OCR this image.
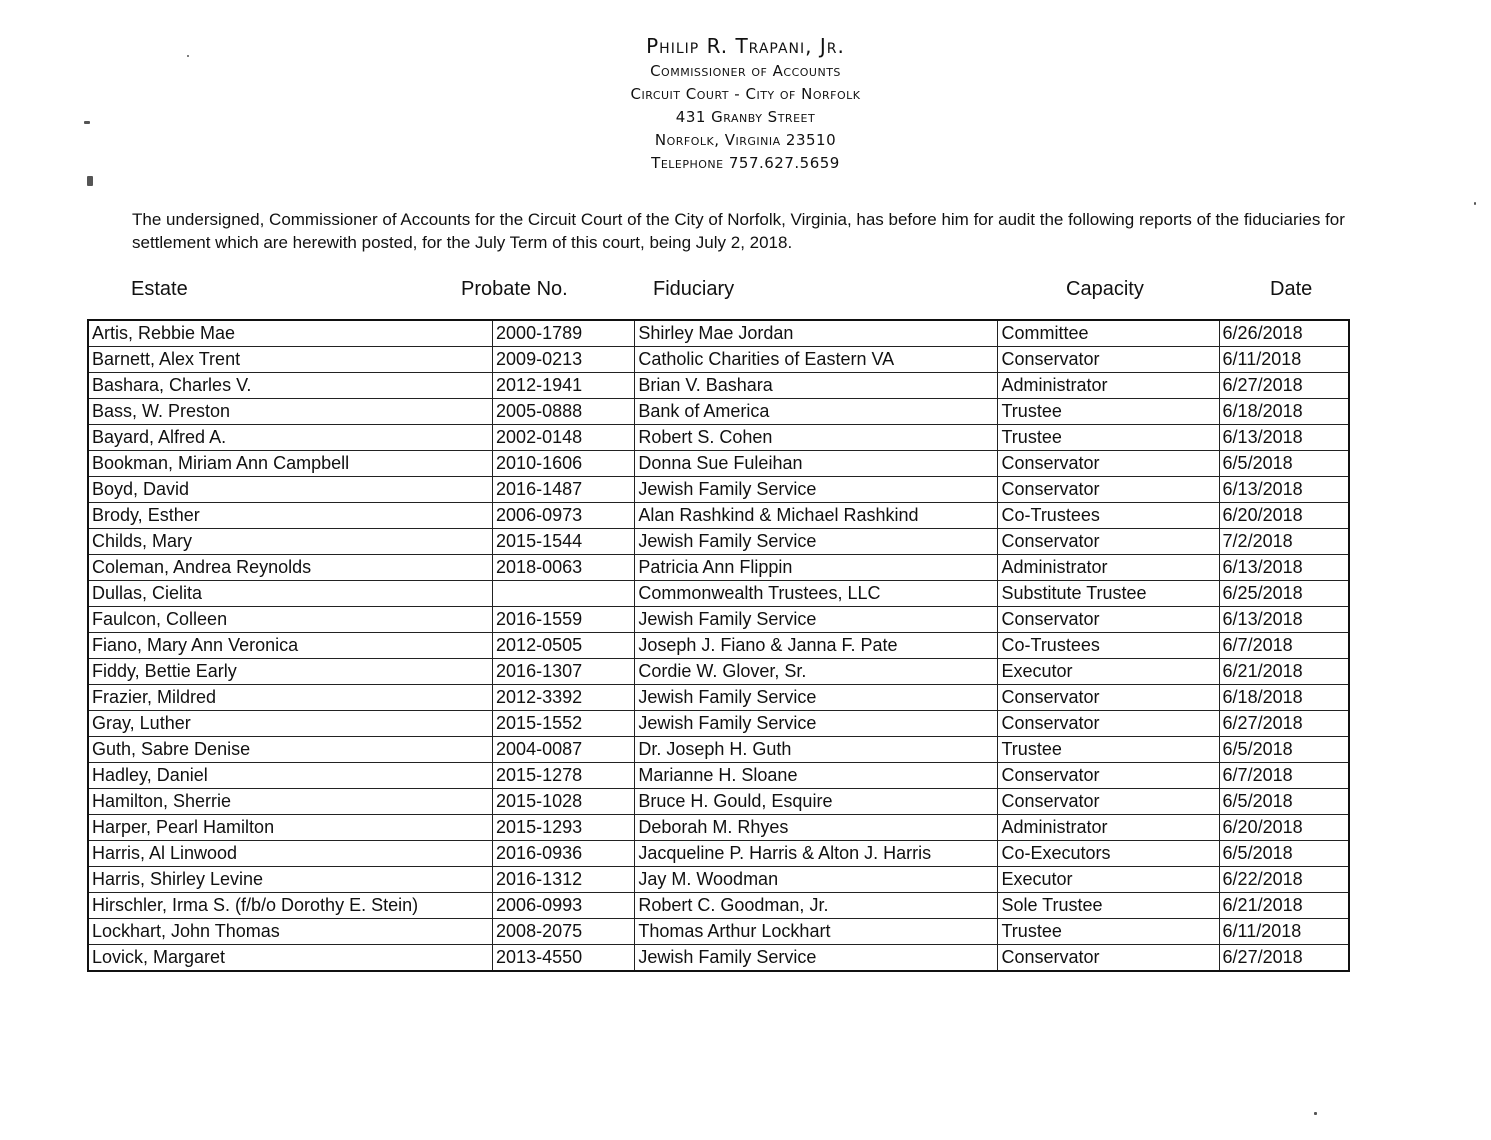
Philip R. Trapani, Jr.
Commissioner of Accounts
Circuit Court - City of Norfolk
431 Granby Street
Norfolk, Virginia 23510
Telephone 757.627.5659
The undersigned, Commissioner of Accounts for the Circuit Court of the City of Norfolk, Virginia, has before him for audit the following reports of the fiduciaries for settlement which are herewith posted, for the July Term of this court, being July 2, 2018.
Estate	Probate No.	Fiduciary	Capacity	Date
Artis, Rebbie Mae	2000-1789	Shirley Mae Jordan	Committee	6/26/2018
Barnett, Alex Trent	2009-0213	Catholic Charities of Eastern VA	Conservator	6/11/2018
Bashara, Charles V.	2012-1941	Brian V. Bashara	Administrator	6/27/2018
Bass, W. Preston	2005-0888	Bank of America	Trustee	6/18/2018
Bayard, Alfred A.	2002-0148	Robert S. Cohen	Trustee	6/13/2018
Bookman, Miriam Ann Campbell	2010-1606	Donna Sue Fuleihan	Conservator	6/5/2018
Boyd, David	2016-1487	Jewish Family Service	Conservator	6/13/2018
Brody, Esther	2006-0973	Alan Rashkind & Michael Rashkind	Co-Trustees	6/20/2018
Childs, Mary	2015-1544	Jewish Family Service	Conservator	7/2/2018
Coleman, Andrea Reynolds	2018-0063	Patricia Ann Flippin	Administrator	6/13/2018
Dullas, Cielita		Commonwealth Trustees, LLC	Substitute Trustee	6/25/2018
Faulcon, Colleen	2016-1559	Jewish Family Service	Conservator	6/13/2018
Fiano, Mary Ann Veronica	2012-0505	Joseph J. Fiano & Janna F. Pate	Co-Trustees	6/7/2018
Fiddy, Bettie Early	2016-1307	Cordie W. Glover, Sr.	Executor	6/21/2018
Frazier, Mildred	2012-3392	Jewish Family Service	Conservator	6/18/2018
Gray, Luther	2015-1552	Jewish Family Service	Conservator	6/27/2018
Guth, Sabre Denise	2004-0087	Dr. Joseph H. Guth	Trustee	6/5/2018
Hadley, Daniel	2015-1278	Marianne H. Sloane	Conservator	6/7/2018
Hamilton, Sherrie	2015-1028	Bruce H. Gould, Esquire	Conservator	6/5/2018
Harper, Pearl Hamilton	2015-1293	Deborah M. Rhyes	Administrator	6/20/2018
Harris, Al Linwood	2016-0936	Jacqueline P. Harris & Alton J. Harris	Co-Executors	6/5/2018
Harris, Shirley Levine	2016-1312	Jay M. Woodman	Executor	6/22/2018
Hirschler, Irma S. (f/b/o Dorothy E. Stein)	2006-0993	Robert C. Goodman, Jr.	Sole Trustee	6/21/2018
Lockhart, John Thomas	2008-2075	Thomas Arthur Lockhart	Trustee	6/11/2018
Lovick, Margaret	2013-4550	Jewish Family Service	Conservator	6/27/2018
